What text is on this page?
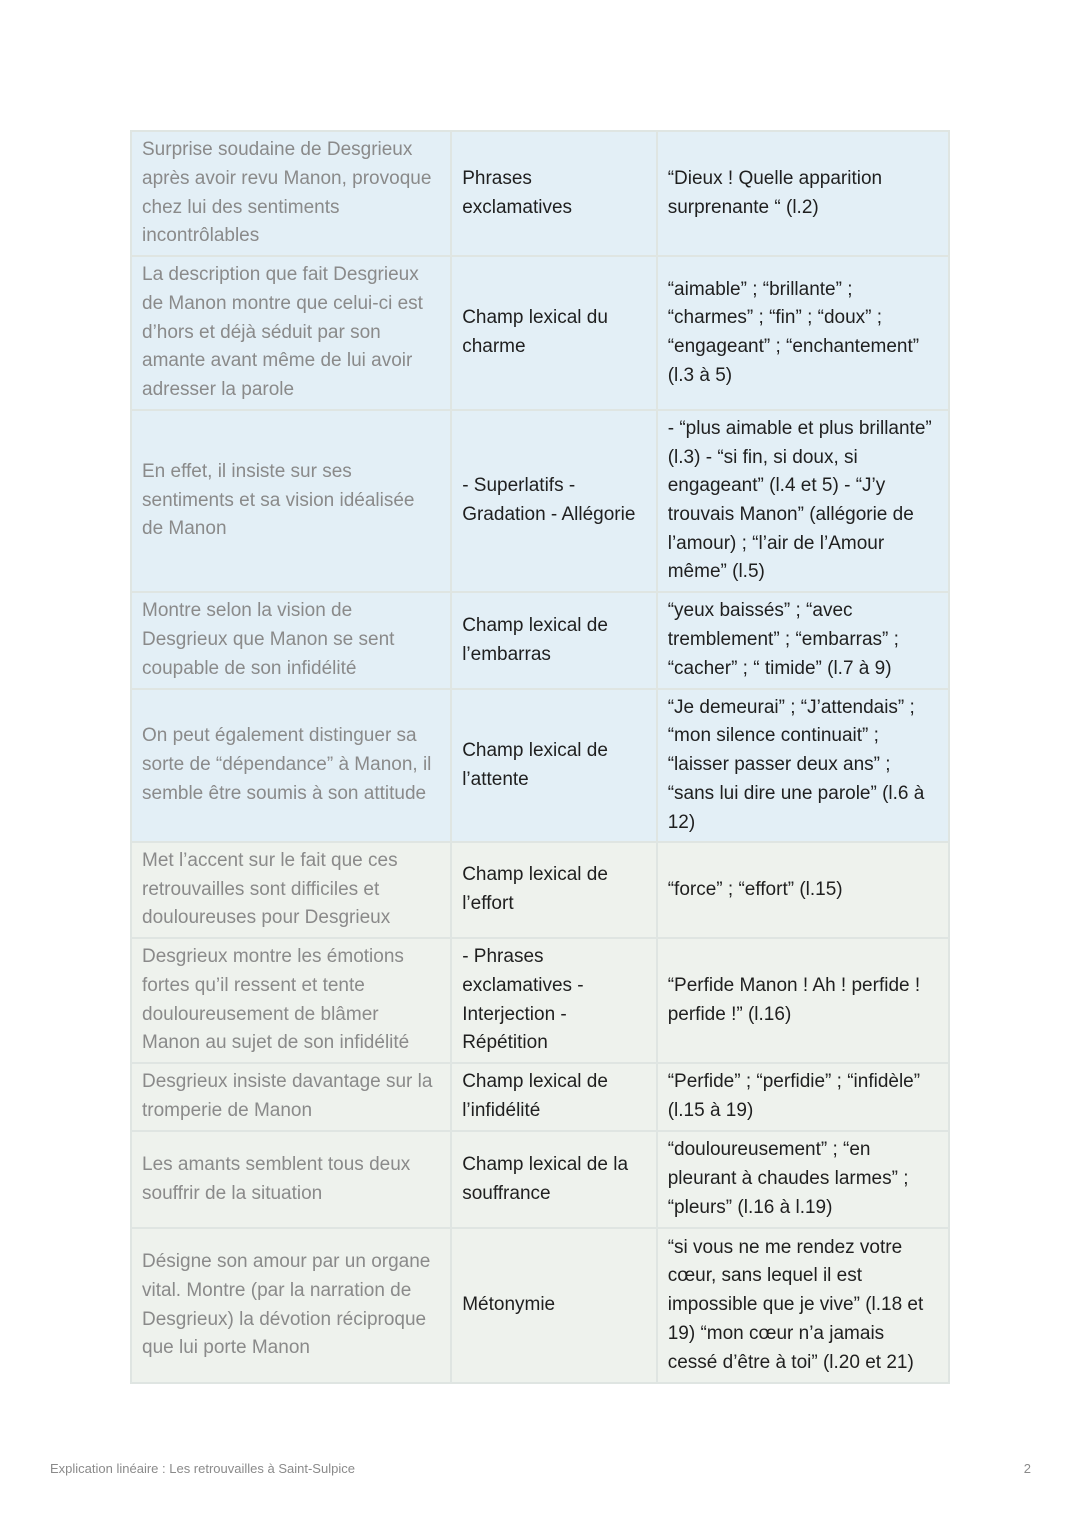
Surprise soudaine de Desgrieux après avoir revu Manon, provoque chez lui des sentiments incontrôlables
Phrases exclamatives
“Dieux ! Quelle apparition surprenante “ (l.2)
La description que fait Desgrieux de Manon montre que celui-ci est d’hors et déjà séduit par son amante avant même de lui avoir adresser la parole
Champ lexical du charme
“aimable” ; “brillante” ; “charmes” ; “fin” ; “doux” ; “engageant” ; “enchantement” (l.3 à 5)
En effet, il insiste sur ses sentiments et sa vision idéalisée de Manon
- Superlatifs - Gradation - Allégorie
- “plus aimable et plus brillante” (l.3) - “si fin, si doux, si engageant” (l.4 et 5) - “J’y trouvais Manon” (allégorie de l’amour) ; “l’air de l’Amour même” (l.5)
Montre selon la vision de Desgrieux que Manon se sent coupable de son infidélité
Champ lexical de l’embarras
“yeux baissés” ; “avec tremblement” ; “embarras” ; “cacher” ; “ timide” (l.7 à 9)
On peut également distinguer sa sorte de “dépendance” à Manon, il semble être soumis à son attitude
Champ lexical de l’attente
“Je demeurai” ; “J’attendais” ; “mon silence continuait” ; “laisser passer deux ans” ; “sans lui dire une parole” (l.6 à 12)
Met l’accent sur le fait que ces retrouvailles sont difficiles et douloureuses pour Desgrieux
Champ lexical de l’effort
“force” ; “effort” (l.15)
Desgrieux montre les émotions fortes qu’il ressent et tente douloureusement de blâmer Manon au sujet de son infidélité
- Phrases exclamatives - Interjection - Répétition
“Perfide Manon ! Ah ! perfide ! perfide !” (l.16)
Desgrieux insiste davantage sur la tromperie de Manon
Champ lexical de l’infidélité
“Perfide” ; “perfidie” ; “infidèle” (l.15 à 19)
Les amants semblent tous deux souffrir de la situation
Champ lexical de la souffrance
“douloureusement” ; “en pleurant à chaudes larmes” ; “pleurs” (l.16 à l.19)
Désigne son amour par un organe vital. Montre (par la narration de Desgrieux) la dévotion réciproque que lui porte Manon
Métonymie
“si vous ne me rendez votre cœur, sans lequel il est impossible que je vive” (l.18 et 19) “mon cœur n’a jamais cessé d’être à toi” (l.20 et 21)
Explication linéaire : Les retrouvailles à Saint-Sulpice	2
